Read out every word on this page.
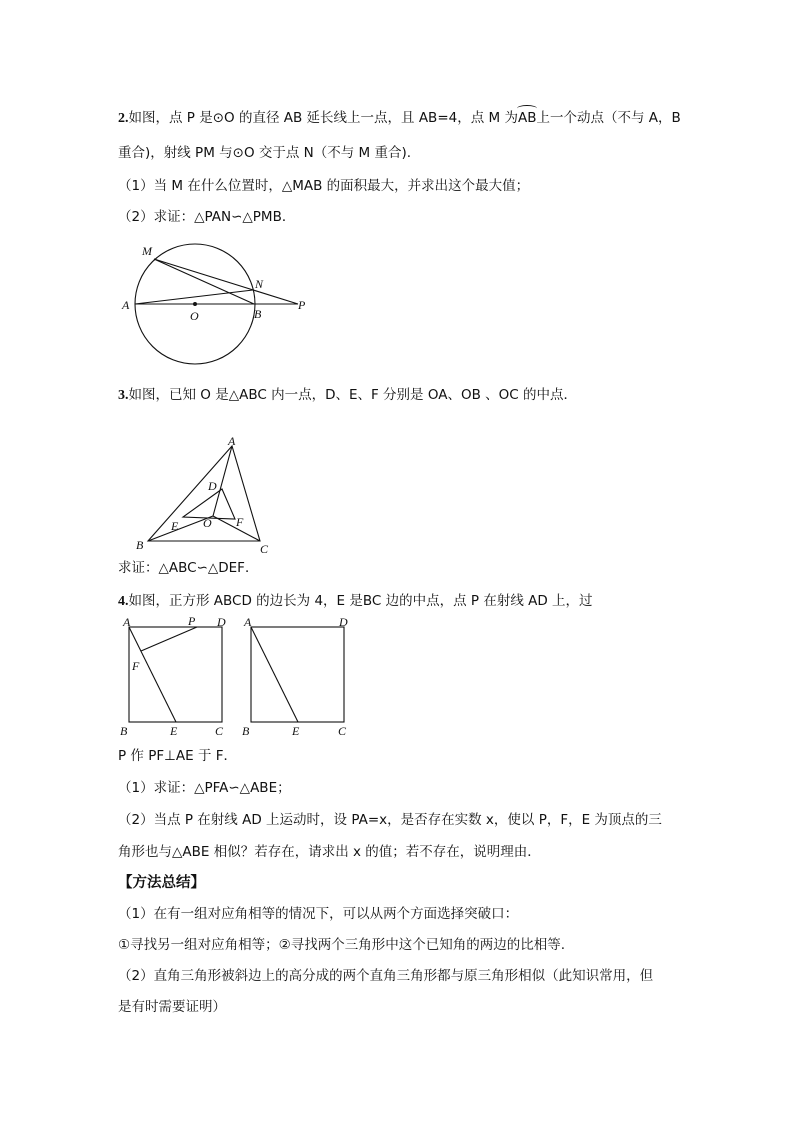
2.如图，点 P 是⊙O 的直径 AB 延长线上一点，且 AB=4，点 M 为AB上一个动点（不与 A，B
重合)，射线 PM 与⊙O 交于点 N（不与 M 重合).
（1）当 M 在什么位置时，△MAB 的面积最大，并求出这个最大值；
（2）求证：△PAN∽△PMB．
M
N
A
O	B
P
3.如图，已知 O 是△ABC 内一点，D、E、F 分别是 OA、OB 、OC 的中点．
A
D
E O F
B	C
求证：△ABC∽△DEF．
4.如图，正方形 ABCD 的边长为 4，E 是BC 边的中点，点 P 在射线 AD 上，过
A	P D
F
B	E	C
A	D
B	E	C
P 作 PF⊥AE 于 F．
（1）求证：△PFA∽△ABE；
（2）当点 P 在射线 AD 上运动时，设 PA=x，是否存在实数 x，使以 P，F，E 为顶点的三
角形也与△ABE 相似？若存在，请求出 x 的值；若不存在，说明理由．
【方法总结】
（1）在有一组对应角相等的情况下，可以从两个方面选择突破口：
①寻找另一组对应角相等；②寻找两个三角形中这个已知角的两边的比相等.
（2）直角三角形被斜边上的高分成的两个直角三角形都与原三角形相似（此知识常用，但
是有时需要证明）
